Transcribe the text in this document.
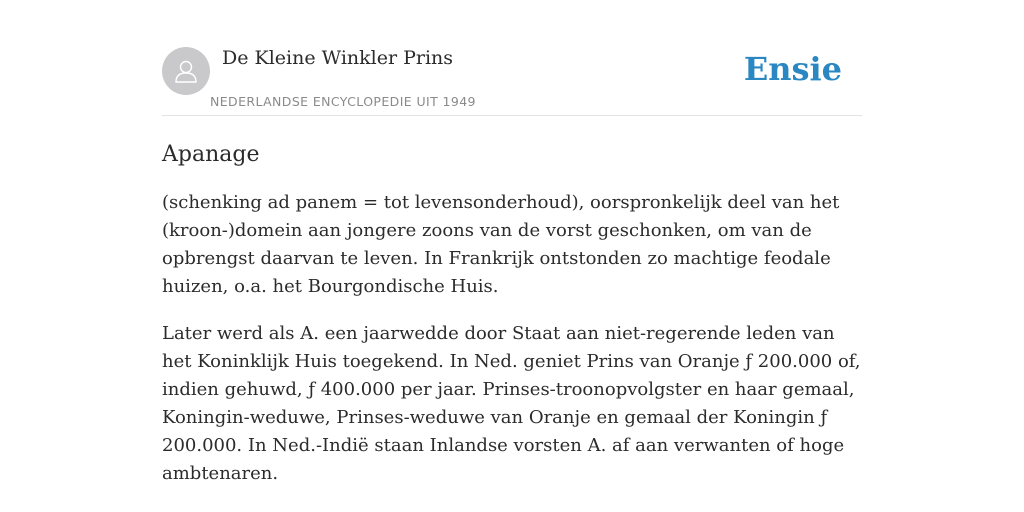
De Kleine Winkler Prins
NEDERLANDSE ENCYCLOPEDIE UIT 1949
Ensie
Apanage

(schenking ad panem = tot levensonderhoud), oorspronkelijk deel van het (kroon-)domein aan jongere zoons van de vorst geschonken, om van de opbrengst daarvan te leven. In Frankrijk ontstonden zo machtige feodale huizen, o.a. het Bourgondische Huis.

Later werd als A. een jaarwedde door Staat aan niet-regerende leden van het Koninklijk Huis toegekend. In Ned. geniet Prins van Oranje ƒ 200.000 of, indien gehuwd, ƒ 400.000 per jaar. Prinses-troonopvolgster en haar gemaal, Koningin-weduwe, Prinses-weduwe van Oranje en gemaal der Koningin ƒ 200.000. In Ned.-Indië staan Inlandse vorsten A. af aan verwanten of hoge ambtenaren.
